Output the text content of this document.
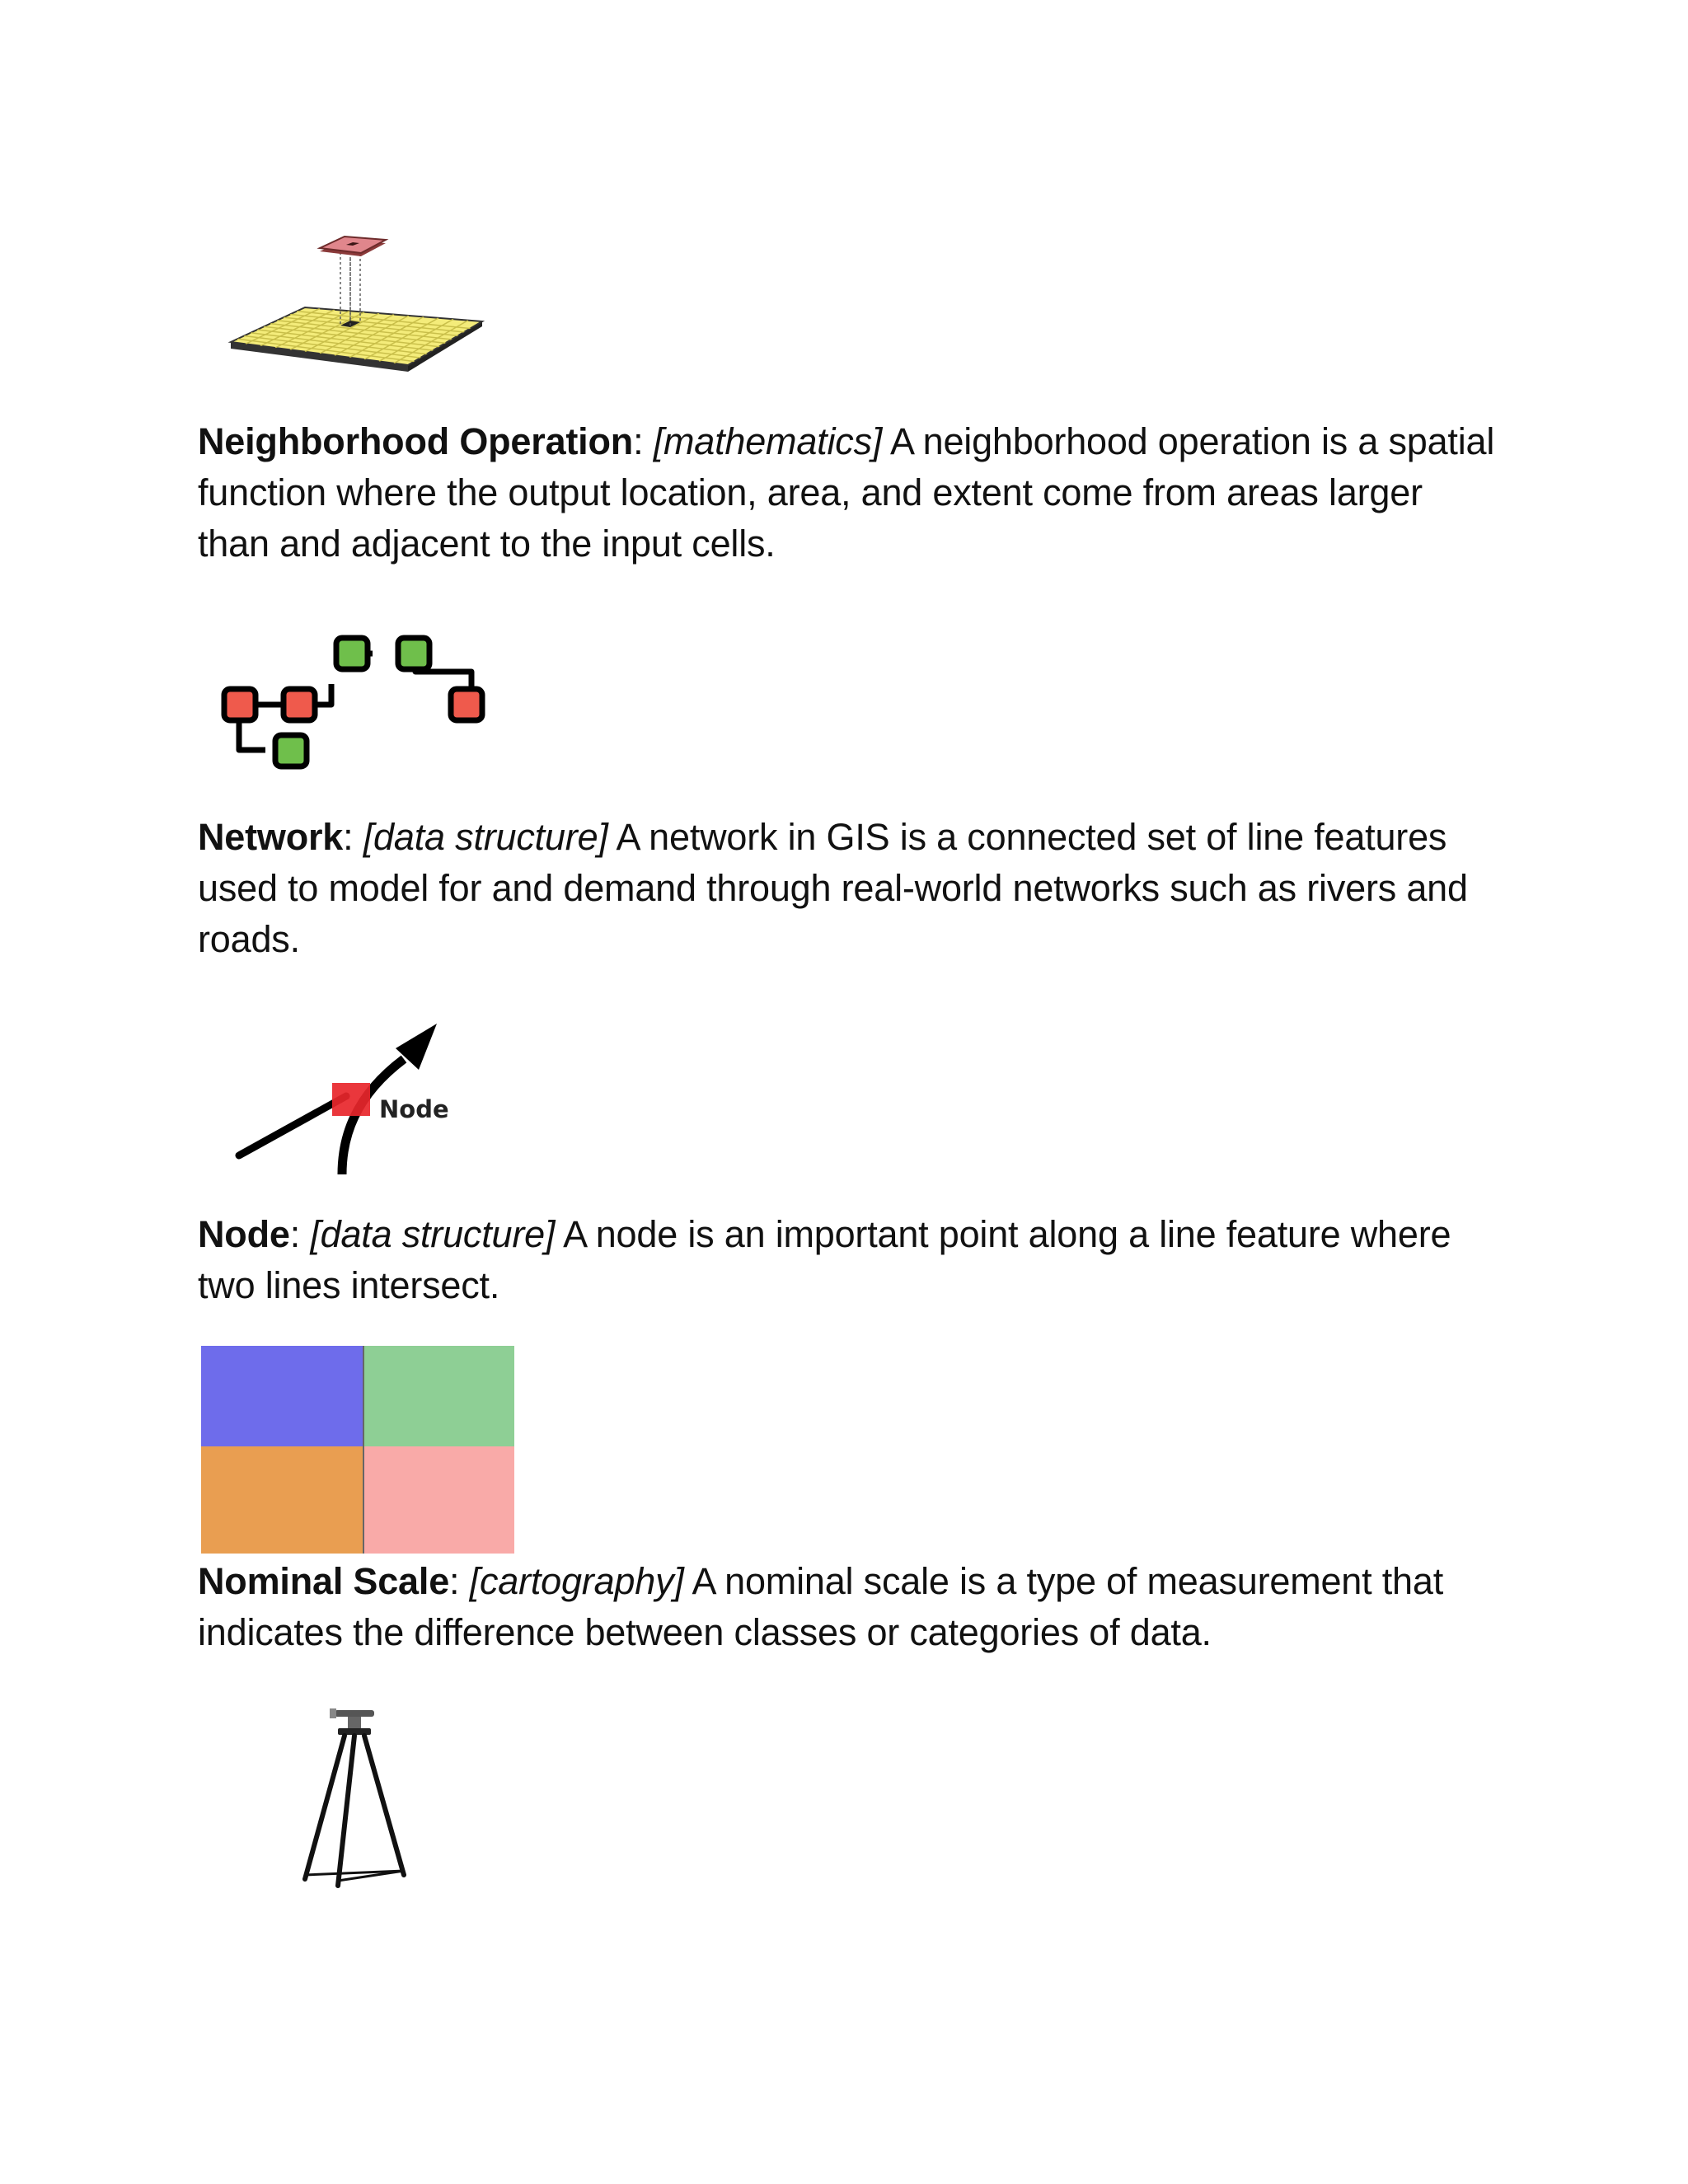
Neighborhood Operation: [mathematics] A neighborhood operation is a spatial function where the output location, area, and extent come from areas larger than and adjacent to the input cells.

Network: [data structure] A network in GIS is a connected set of line features used to model for and demand through real-world networks such as rivers and roads.

Node

Node: [data structure] A node is an important point along a line feature where two lines intersect.

Nominal Scale: [cartography] A nominal scale is a type of measurement that indicates the difference between classes or categories of data.
